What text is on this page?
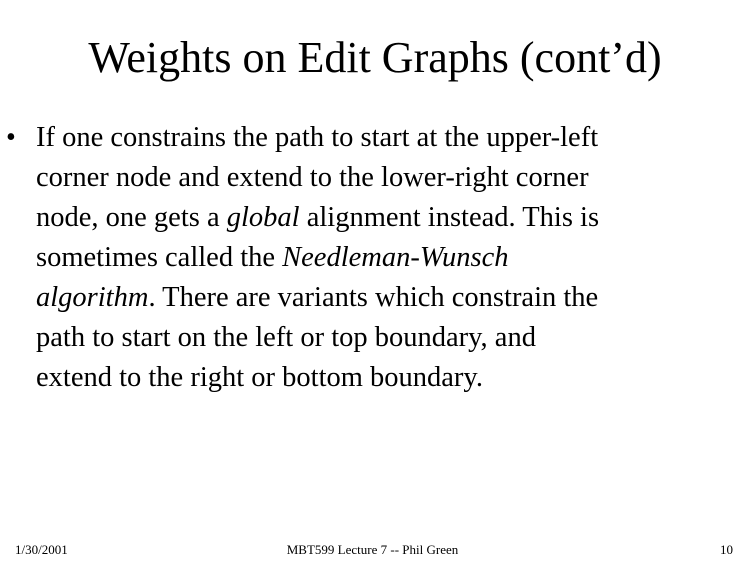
Weights on Edit Graphs (cont’d)
• If one constrains the path to start at the upper-left
corner node and extend to the lower-right corner
node, one gets a global alignment instead. This is
sometimes called the Needleman-Wunsch
algorithm. There are variants which constrain the
path to start on the left or top boundary, and
extend to the right or bottom boundary.
1/30/2001	MBT599 Lecture 7 -- Phil Green	10
